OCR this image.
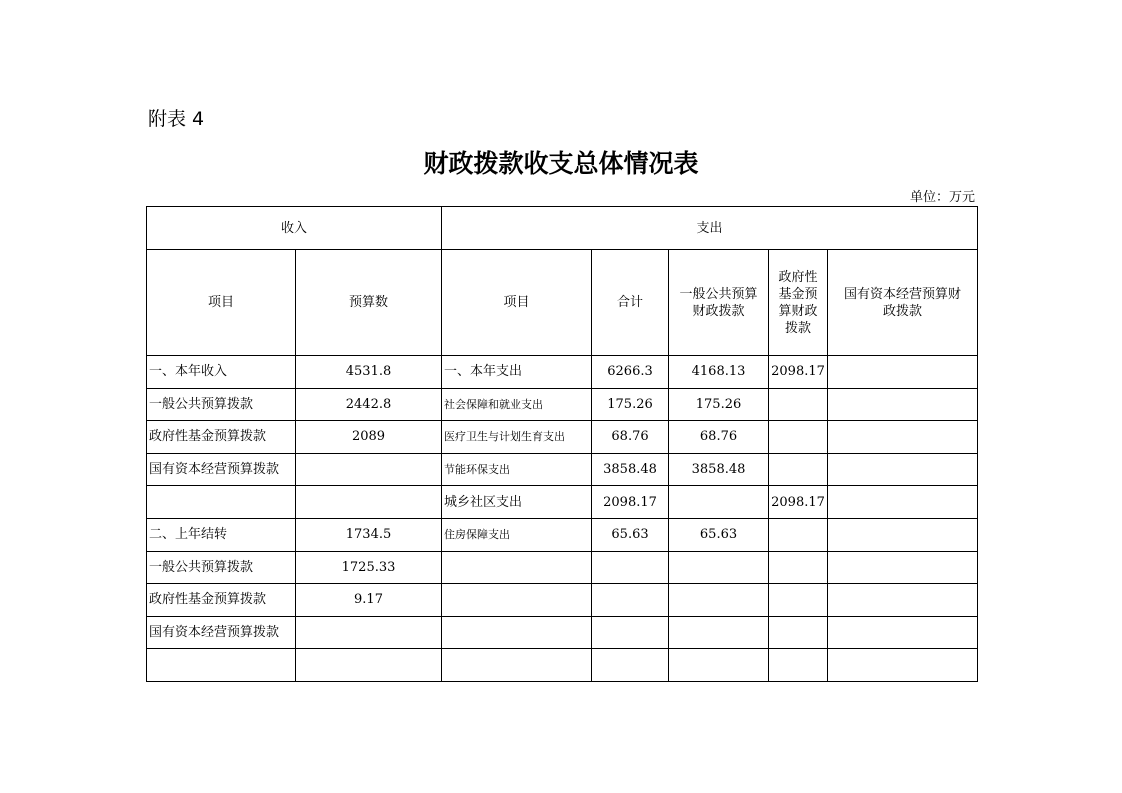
附表 4
财政拨款收支总体情况表
单位：万元
收入		支出				
项目	预算数	项目	合计	一般公共预算财政拨款	政府性基金预算财政拨款	国有资本经营预算财政拨款
一、本年收入	4531.8	一、本年支出	6266.3	4168.13	2098.17	
一般公共预算拨款	2442.8	社会保障和就业支出	175.26	175.26		
政府性基金预算拨款	2089	医疗卫生与计划生育支出	68.76	68.76		
国有资本经营预算拨款		节能环保支出	3858.48	3858.48		
		城乡社区支出	2098.17		2098.17	
二、上年结转	1734.5	住房保障支出	65.63	65.63		
一般公共预算拨款	1725.33					
政府性基金预算拨款	9.17					
国有资本经营预算拨款						
